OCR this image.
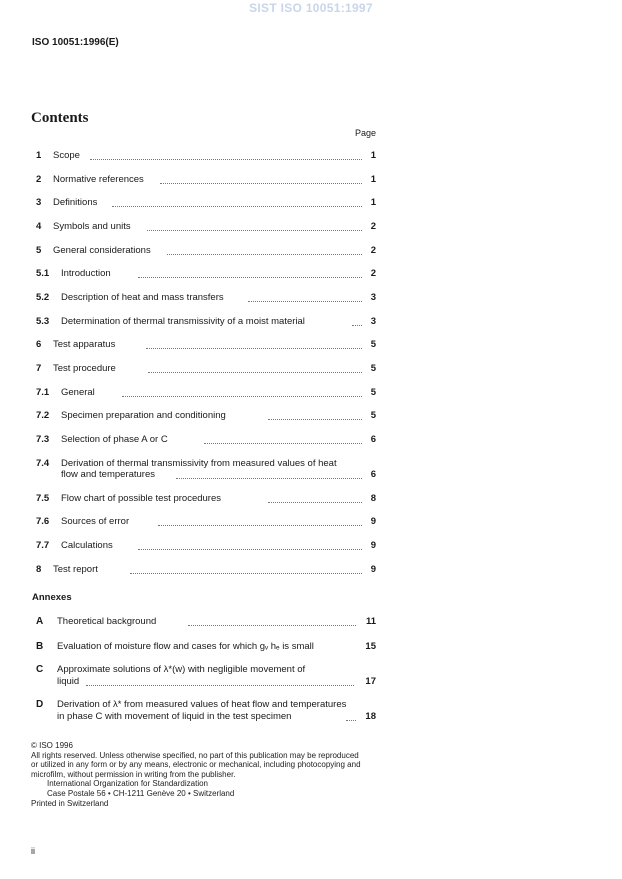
SIST ISO 10051:1997
ISO 10051:1996(E)
Contents
Page
1 Scope	1
2 Normative references	1
3 Definitions	1
4 Symbols and units	2
5 General considerations	2
5.1 Introduction	2
5.2 Description of heat and mass transfers	3
5.3 Determination of thermal transmissivity of a moist material	3
6 Test apparatus	5
7 Test procedure	5
7.1 General	5
7.2 Specimen preparation and conditioning	5
7.3 Selection of phase A or C	6
7.4 Derivation of thermal transmissivity from measured values of heat
flow and temperatures	6
7.5 Flow chart of possible test procedures	8
7.6 Sources of error	9
7.7 Calculations	9
8 Test report	9
Annexes
A Theoretical background	11
B Evaluation of moisture flow and cases for which gᵥ hₑ is small	15
C Approximate solutions of λ*(w) with negligible movement of
liquid	17
D Derivation of λ* from measured values of heat flow and temperatures
in phase C with movement of liquid in the test specimen	18

© ISO 1996

All rights reserved. Unless otherwise specified, no part of this publication may be reproduced

or utilized in any form or by any means, electronic or mechanical, including photocopying and

microfilm, without permission in writing from the publisher.

International Organization for Standardization

Case Postale 56 • CH-1211 Genève 20 • Switzerland

Printed in Switzerland

ii
